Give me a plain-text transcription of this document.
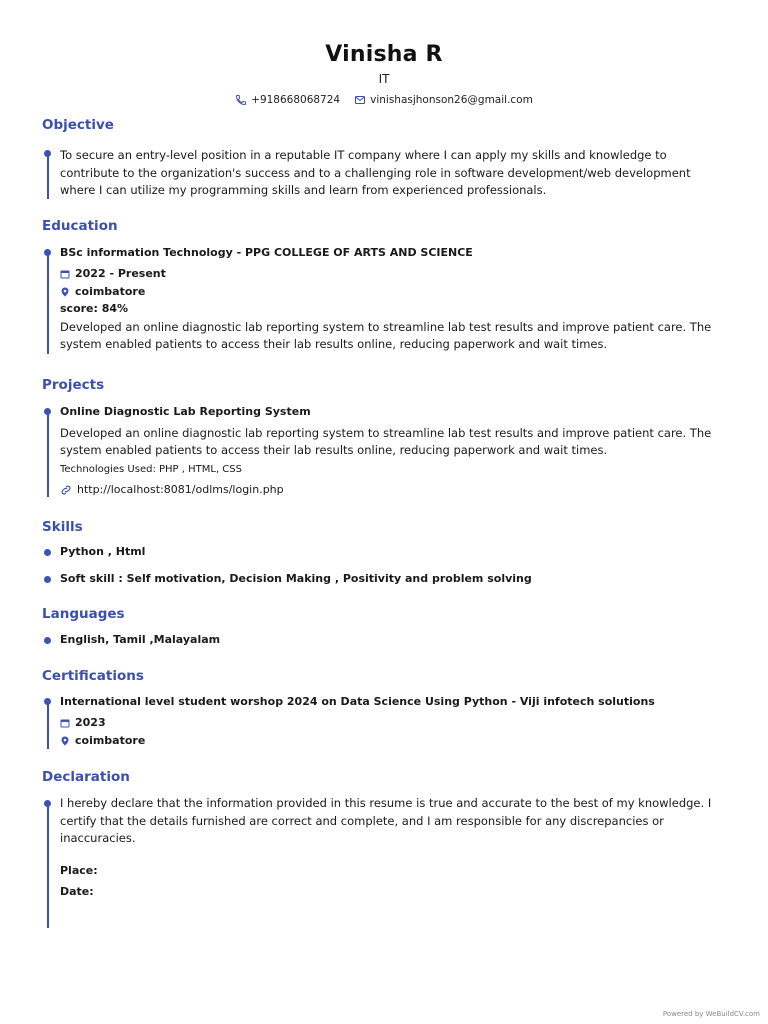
Vinisha R
IT
+918668068724	vinishasjhonson26@gmail.com
Objective
To secure an entry-level position in a reputable IT company where I can apply my skills and knowledge to contribute to the organization's success and to a challenging role in software development/web development where I can utilize my programming skills and learn from experienced professionals.
Education
BSc information Technology - PPG COLLEGE OF ARTS AND SCIENCE
2022 - Present
coimbatore
score: 84%
Developed an online diagnostic lab reporting system to streamline lab test results and improve patient care. The system enabled patients to access their lab results online, reducing paperwork and wait times.
Projects
Online Diagnostic Lab Reporting System
Developed an online diagnostic lab reporting system to streamline lab test results and improve patient care. The system enabled patients to access their lab results online, reducing paperwork and wait times.
Technologies Used: PHP , HTML, CSS
http://localhost:8081/odlms/login.php
Skills
Python , Html
Soft skill : Self motivation, Decision Making , Positivity and problem solving
Languages
English, Tamil ,Malayalam
Certifications
International level student worshop 2024 on Data Science Using Python - Viji infotech solutions
2023
coimbatore
Declaration
I hereby declare that the information provided in this resume is true and accurate to the best of my knowledge. I certify that the details furnished are correct and complete, and I am responsible for any discrepancies or inaccuracies.
Place:
Date:
Powered by WeBuildCV.com
